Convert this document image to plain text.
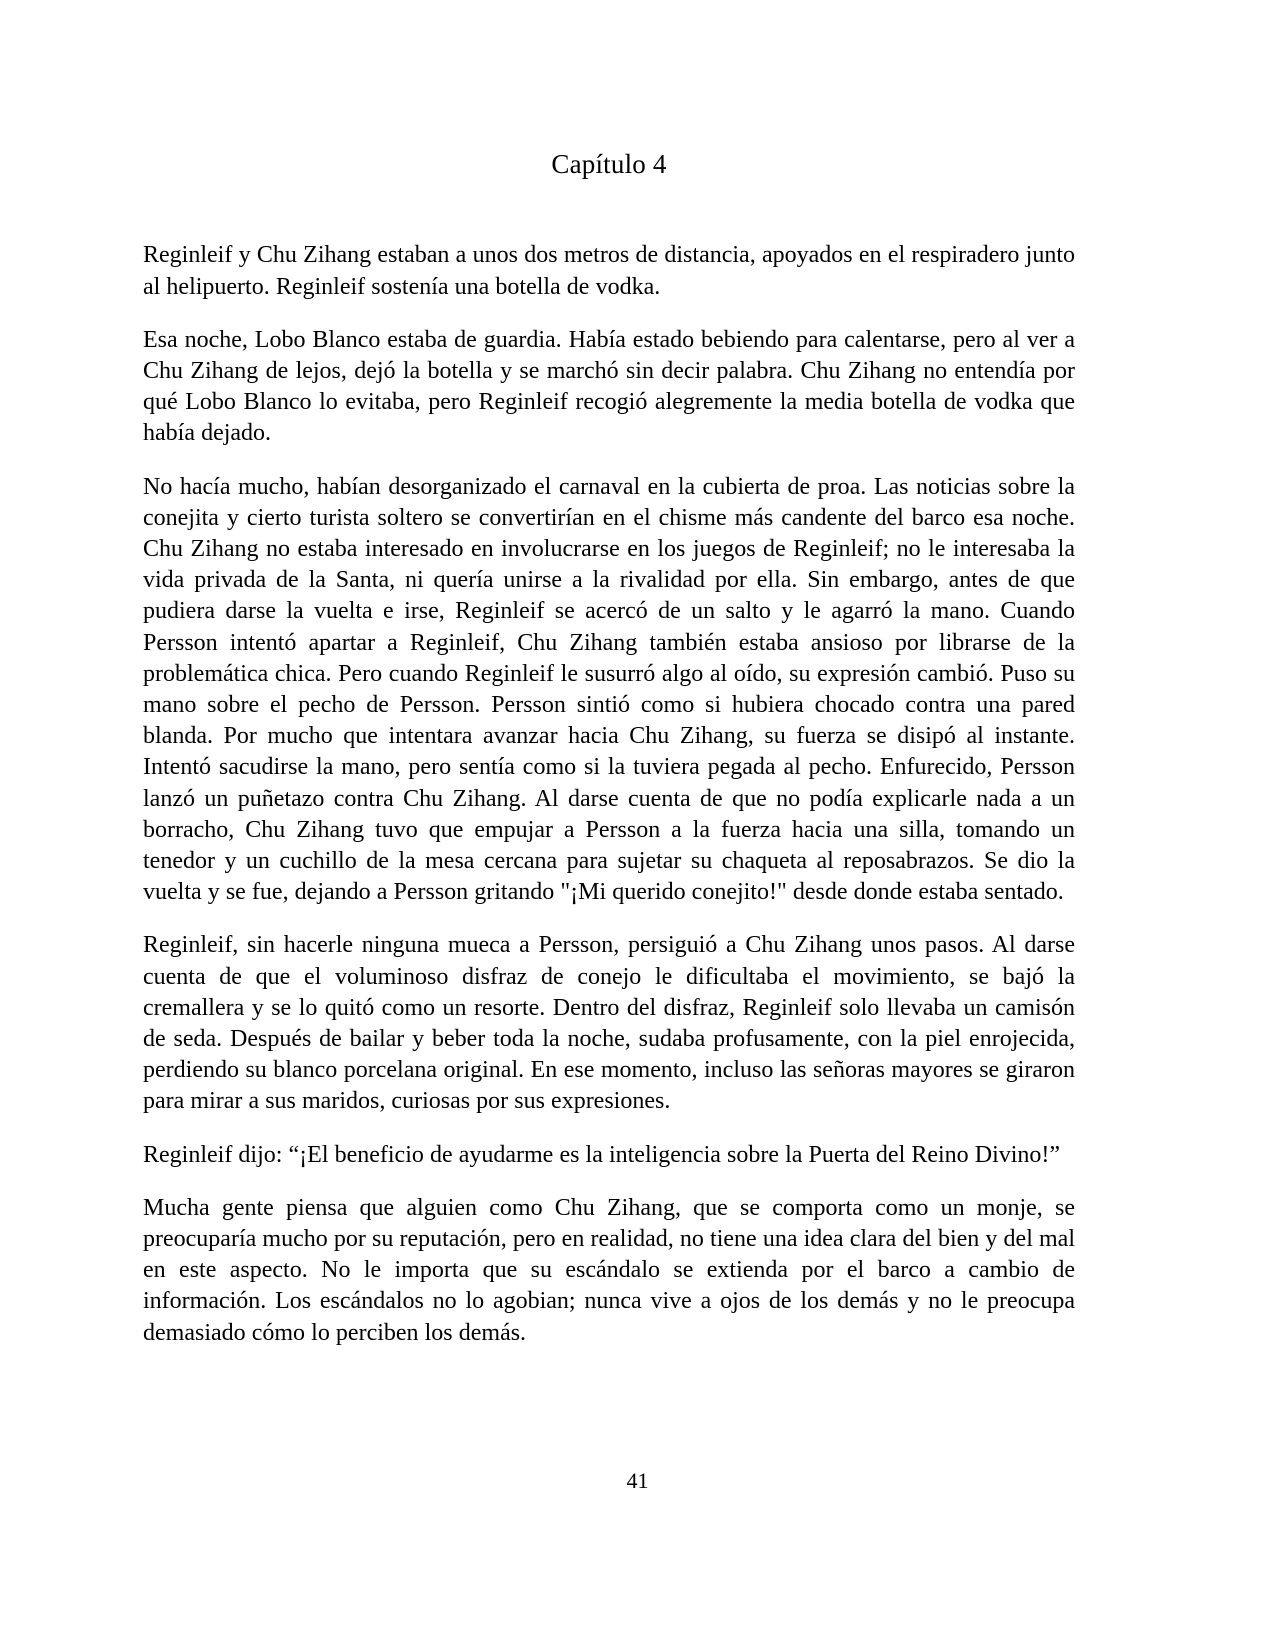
Capítulo 4

Reginleif y Chu Zihang estaban a unos dos metros de distancia, apoyados en el respiradero junto al helipuerto. Reginleif sostenía una botella de vodka.

Esa noche, Lobo Blanco estaba de guardia. Había estado bebiendo para calentarse, pero al ver a Chu Zihang de lejos, dejó la botella y se marchó sin decir palabra. Chu Zihang no entendía por qué Lobo Blanco lo evitaba, pero Reginleif recogió alegremente la media botella de vodka que había dejado.

No hacía mucho, habían desorganizado el carnaval en la cubierta de proa. Las noticias sobre la conejita y cierto turista soltero se convertirían en el chisme más candente del barco esa noche. Chu Zihang no estaba interesado en involucrarse en los juegos de Reginleif; no le interesaba la vida privada de la Santa, ni quería unirse a la rivalidad por ella. Sin embargo, antes de que pudiera darse la vuelta e irse, Reginleif se acercó de un salto y le agarró la mano. Cuando Persson intentó apartar a Reginleif, Chu Zihang también estaba ansioso por librarse de la problemática chica. Pero cuando Reginleif le susurró algo al oído, su expresión cambió. Puso su mano sobre el pecho de Persson. Persson sintió como si hubiera chocado contra una pared blanda. Por mucho que intentara avanzar hacia Chu Zihang, su fuerza se disipó al instante. Intentó sacudirse la mano, pero sentía como si la tuviera pegada al pecho. Enfurecido, Persson lanzó un puñetazo contra Chu Zihang. Al darse cuenta de que no podía explicarle nada a un borracho, Chu Zihang tuvo que empujar a Persson a la fuerza hacia una silla, tomando un tenedor y un cuchillo de la mesa cercana para sujetar su chaqueta al reposabrazos. Se dio la vuelta y se fue, dejando a Persson gritando "¡Mi querido conejito!" desde donde estaba sentado.

Reginleif, sin hacerle ninguna mueca a Persson, persiguió a Chu Zihang unos pasos. Al darse cuenta de que el voluminoso disfraz de conejo le dificultaba el movimiento, se bajó la cremallera y se lo quitó como un resorte. Dentro del disfraz, Reginleif solo llevaba un camisón de seda. Después de bailar y beber toda la noche, sudaba profusamente, con la piel enrojecida, perdiendo su blanco porcelana original. En ese momento, incluso las señoras mayores se giraron para mirar a sus maridos, curiosas por sus expresiones.

Reginleif dijo: “¡El beneficio de ayudarme es la inteligencia sobre la Puerta del Reino Divino!”

Mucha gente piensa que alguien como Chu Zihang, que se comporta como un monje, se preocuparía mucho por su reputación, pero en realidad, no tiene una idea clara del bien y del mal en este aspecto. No le importa que su escándalo se extienda por el barco a cambio de información. Los escándalos no lo agobian; nunca vive a ojos de los demás y no le preocupa demasiado cómo lo perciben los demás.

41
